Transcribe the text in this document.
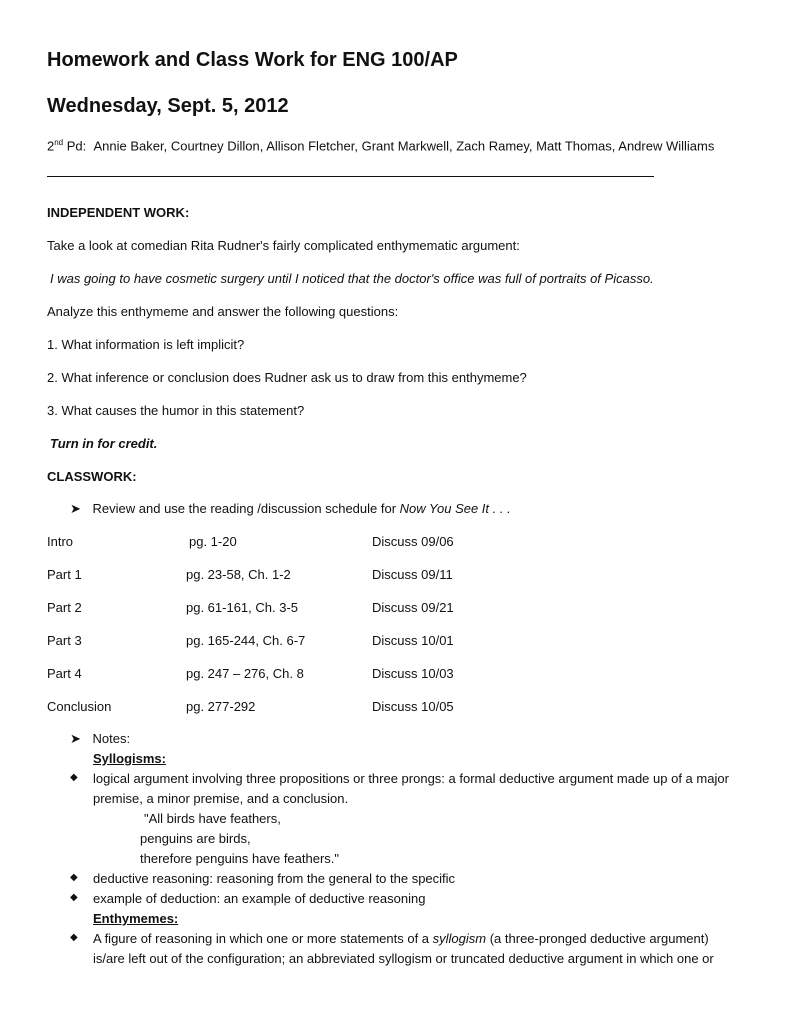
Homework and Class Work for ENG 100/AP
Wednesday, Sept. 5, 2012
2nd Pd: Annie Baker, Courtney Dillon, Allison Fletcher, Grant Markwell, Zach Ramey, Matt Thomas, Andrew Williams
INDEPENDENT WORK:
Take a look at comedian Rita Rudner's fairly complicated enthymematic argument:
I was going to have cosmetic surgery until I noticed that the doctor's office was full of portraits of Picasso.
Analyze this enthymeme and answer the following questions:
1. What information is left implicit?
2. What inference or conclusion does Rudner ask us to draw from this enthymeme?
3. What causes the humor in this statement?
Turn in for credit.
CLASSWORK:
➤ Review and use the reading /discussion schedule for Now You See It . . .
Intro	pg. 1-20	Discuss 09/06
Part 1	pg. 23-58, Ch. 1-2	Discuss 09/11
Part 2	pg. 61-161, Ch. 3-5	Discuss 09/21
Part 3	pg. 165-244, Ch. 6-7	Discuss 10/01
Part 4	pg. 247 – 276, Ch. 8	Discuss 10/03
Conclusion	pg. 277-292	Discuss 10/05
➤ Notes:
Syllogisms:
◆ logical argument involving three propositions or three prongs: a formal deductive argument made up of a major
premise, a minor premise, and a conclusion.
"All birds have feathers,
penguins are birds,
therefore penguins have feathers."
◆ deductive reasoning: reasoning from the general to the specific
◆ example of deduction: an example of deductive reasoning
Enthymemes:
◆ A figure of reasoning in which one or more statements of a syllogism (a three-pronged deductive argument)
is/are left out of the configuration; an abbreviated syllogism or truncated deductive argument in which one or
